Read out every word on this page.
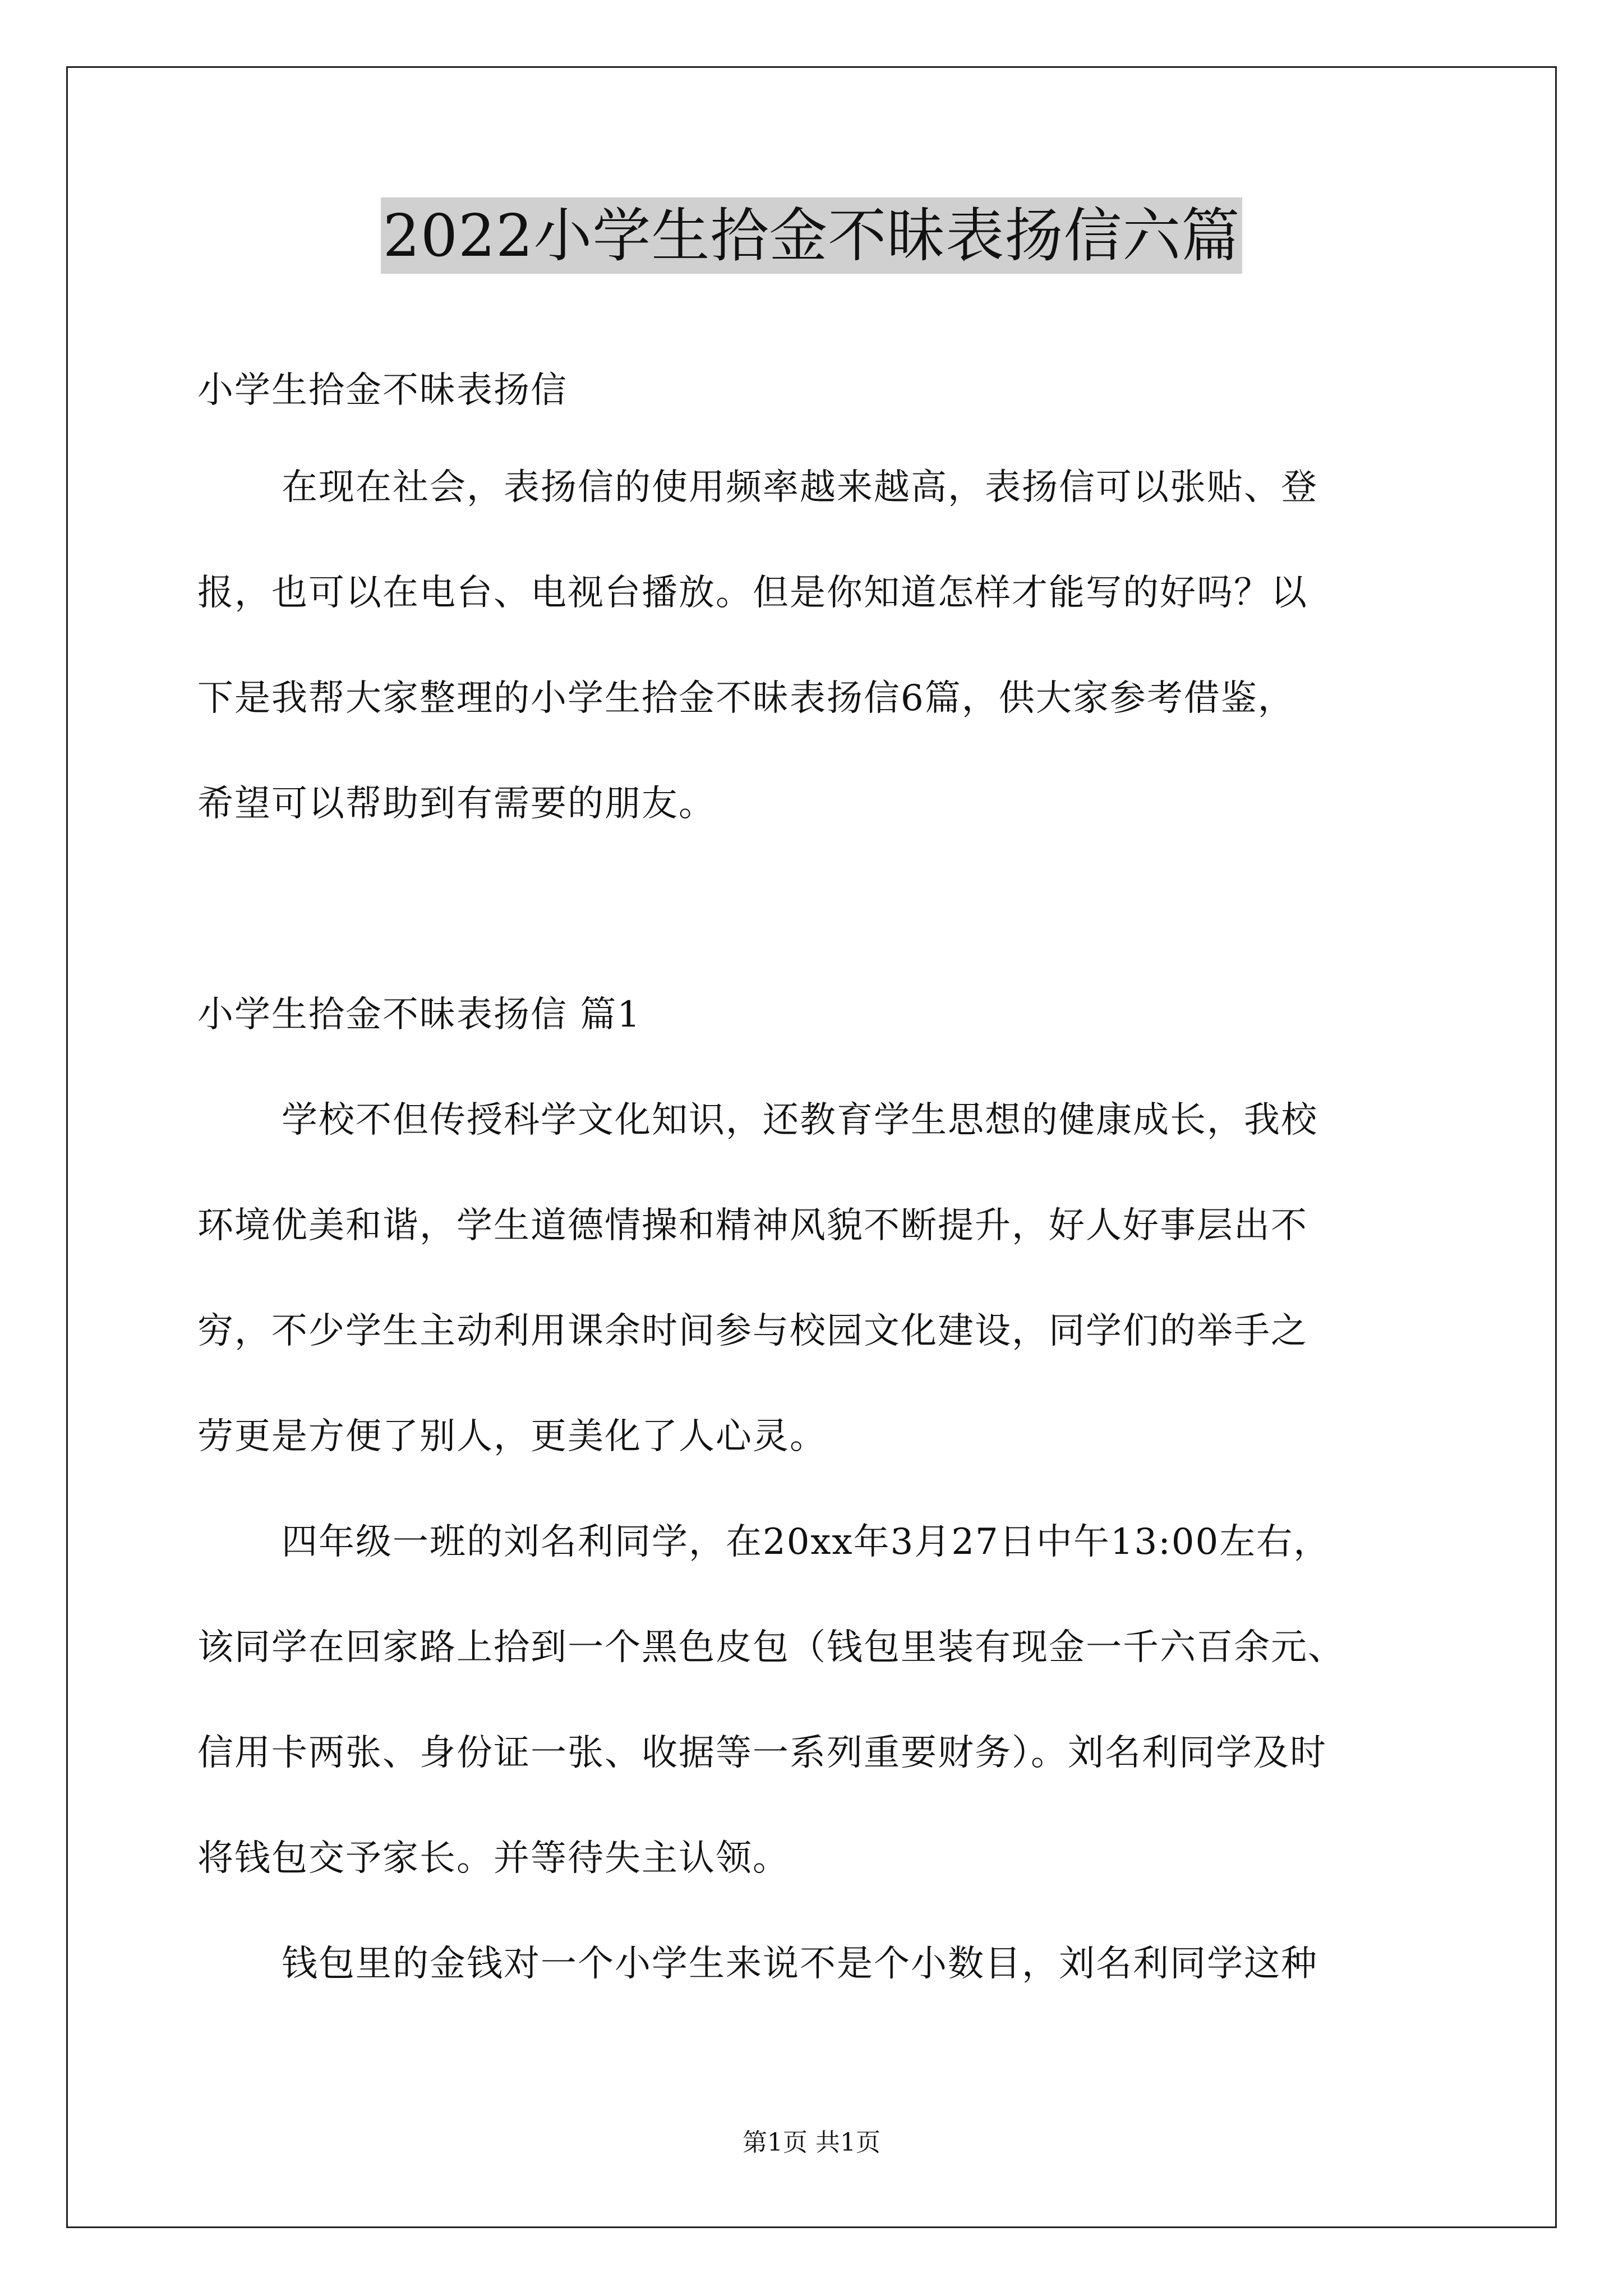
2022小学生拾金不昧表扬信六篇
小学生拾金不昧表扬信
在现在社会，表扬信的使用频率越来越高，表扬信可以张贴、登
报，也可以在电台、电视台播放。但是你知道怎样才能写的好吗？以
下是我帮大家整理的小学生拾金不昧表扬信6篇，供大家参考借鉴，
希望可以帮助到有需要的朋友。
小学生拾金不昧表扬信 篇1
学校不但传授科学文化知识，还教育学生思想的健康成长，我校
环境优美和谐，学生道德情操和精神风貌不断提升，好人好事层出不
穷，不少学生主动利用课余时间参与校园文化建设，同学们的举手之
劳更是方便了别人，更美化了人心灵。
四年级一班的刘名利同学，在20xx年3月27日中午13:00左右，
该同学在回家路上拾到一个黑色皮包（钱包里装有现金一千六百余元、
信用卡两张、身份证一张、收据等一系列重要财务）。刘名利同学及时
将钱包交予家长。并等待失主认领。
钱包里的金钱对一个小学生来说不是个小数目，刘名利同学这种
第1页 共1页
